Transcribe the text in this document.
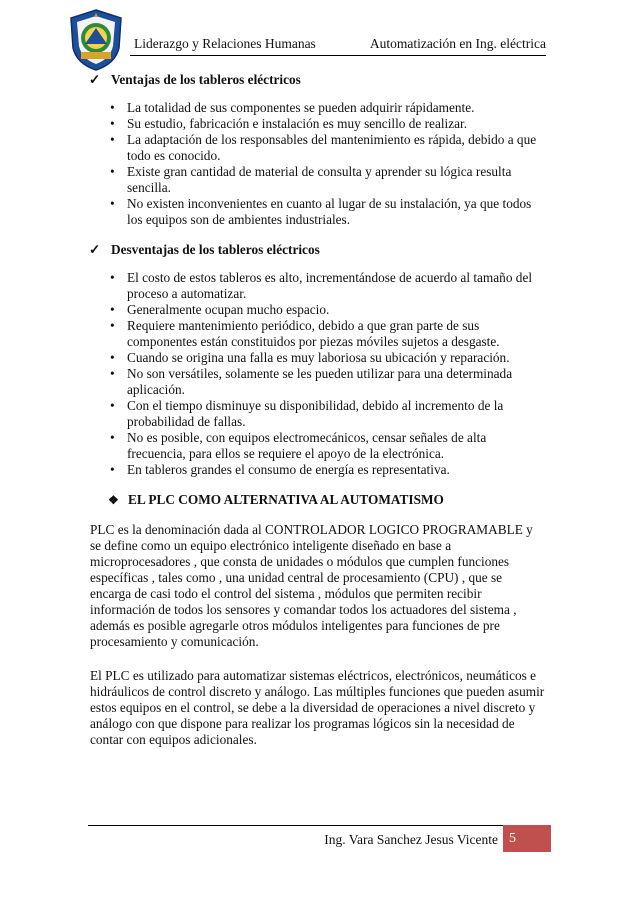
Liderazgo y Relaciones Humanas	Automatización en Ing. eléctrica
✓ Ventajas de los tableros eléctricos
• La totalidad de sus componentes se pueden adquirir rápidamente.
• Su estudio, fabricación e instalación es muy sencillo de realizar.
• La adaptación de los responsables del mantenimiento es rápida, debido a que todo es conocido.
• Existe gran cantidad de material de consulta y aprender su lógica resulta sencilla.
• No existen inconvenientes en cuanto al lugar de su instalación, ya que todos los equipos son de ambientes industriales.
✓ Desventajas de los tableros eléctricos
• El costo de estos tableros es alto, incrementándose de acuerdo al tamaño del proceso a automatizar.
• Generalmente ocupan mucho espacio.
• Requiere mantenimiento periódico, debido a que gran parte de sus componentes están constituidos por piezas móviles sujetos a desgaste.
• Cuando se origina una falla es muy laboriosa su ubicación y reparación.
• No son versátiles, solamente se les pueden utilizar para una determinada aplicación.
• Con el tiempo disminuye su disponibilidad, debido al incremento de la probabilidad de fallas.
• No es posible, con equipos electromecánicos, censar señales de alta frecuencia, para ellos se requiere el apoyo de la electrónica.
• En tableros grandes el consumo de energía es representativa.
❖ EL PLC COMO ALTERNATIVA AL AUTOMATISMO

PLC es la denominación dada al CONTROLADOR LOGICO PROGRAMABLE y se define como un equipo electrónico inteligente diseñado en base a microprocesadores , que consta de unidades o módulos que cumplen funciones específicas , tales como , una unidad central de procesamiento (CPU) , que se encarga de casi todo el control del sistema , módulos que permiten recibir información de todos los sensores y comandar todos los actuadores del sistema , además es posible agregarle otros módulos inteligentes para funciones de pre procesamiento y comunicación.

El PLC es utilizado para automatizar sistemas eléctricos, electrónicos, neumáticos e hidráulicos de control discreto y análogo. Las múltiples funciones que pueden asumir estos equipos en el control, se debe a la diversidad de operaciones a nivel discreto y análogo con que dispone para realizar los programas lógicos sin la necesidad de contar con equipos adicionales.

Ing. Vara Sanchez Jesus Vicente 5
